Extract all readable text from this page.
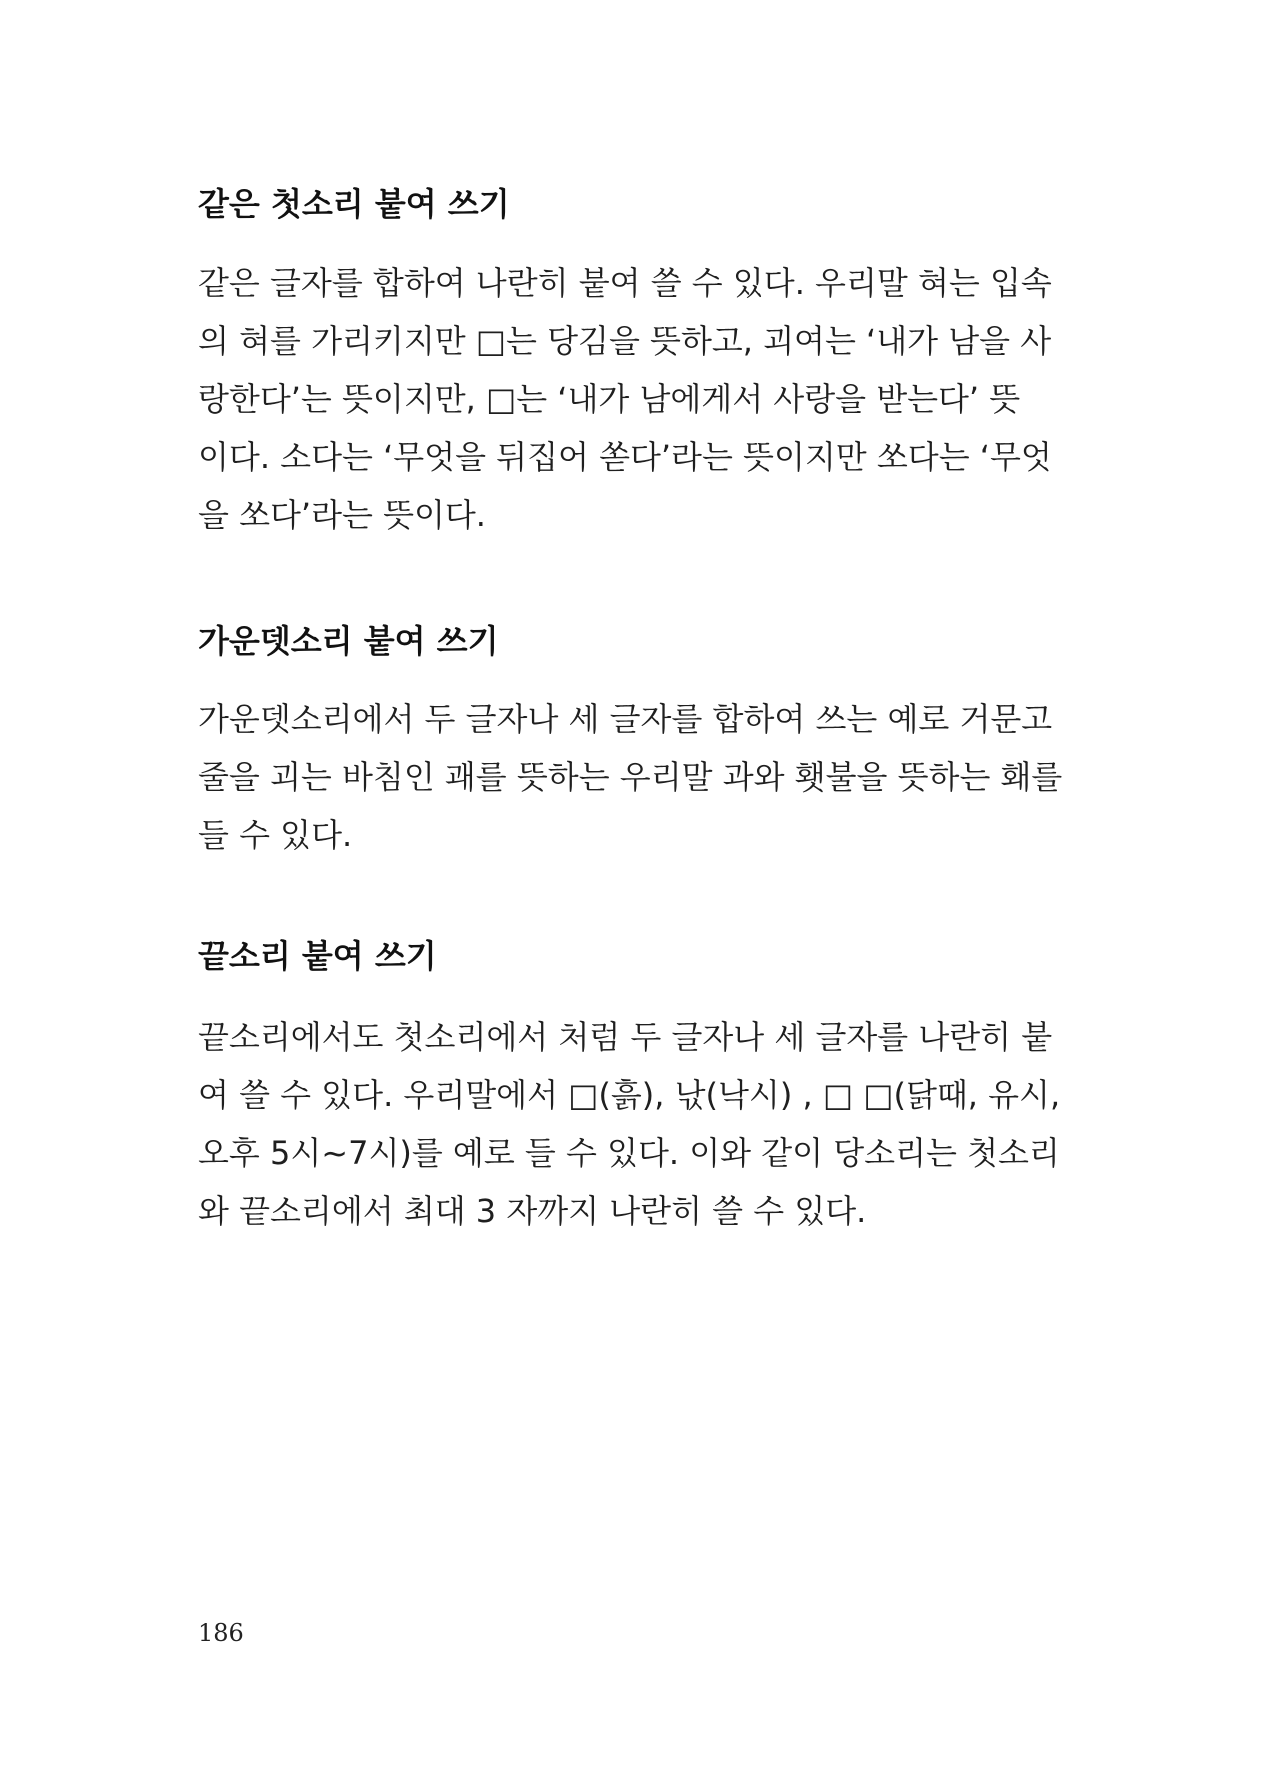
같은 첫소리 붙여 쓰기
같은 글자를 합하여 나란히 붙여 쓸 수 있다. 우리말 혀는 입속
의 혀를 가리키지만 □는 당김을 뜻하고, 괴여는 ‘내가 남을 사
랑한다’는 뜻이지만, □는 ‘내가 남에게서 사랑을 받는다’ 뜻
이다. 소다는 ‘무엇을 뒤집어 쏟다’라는 뜻이지만 쏘다는 ‘무엇
을 쏘다’라는 뜻이다.
가운뎃소리 붙여 쓰기
가운뎃소리에서 두 글자나 세 글자를 합하여 쓰는 예로 거문고
줄을 괴는 바침인 괘를 뜻하는 우리말 과와 횃불을 뜻하는 홰를
들 수 있다.
끝소리 붙여 쓰기
끝소리에서도 첫소리에서 처럼 두 글자나 세 글자를 나란히 붙
여 쓸 수 있다. 우리말에서 □(흙), 낛(낙시) , □ □(닭때, 유시,
오후 5시~7시)를 예로 들 수 있다. 이와 같이 당소리는 첫소리
와 끝소리에서 최대 3 자까지 나란히 쓸 수 있다.
186
